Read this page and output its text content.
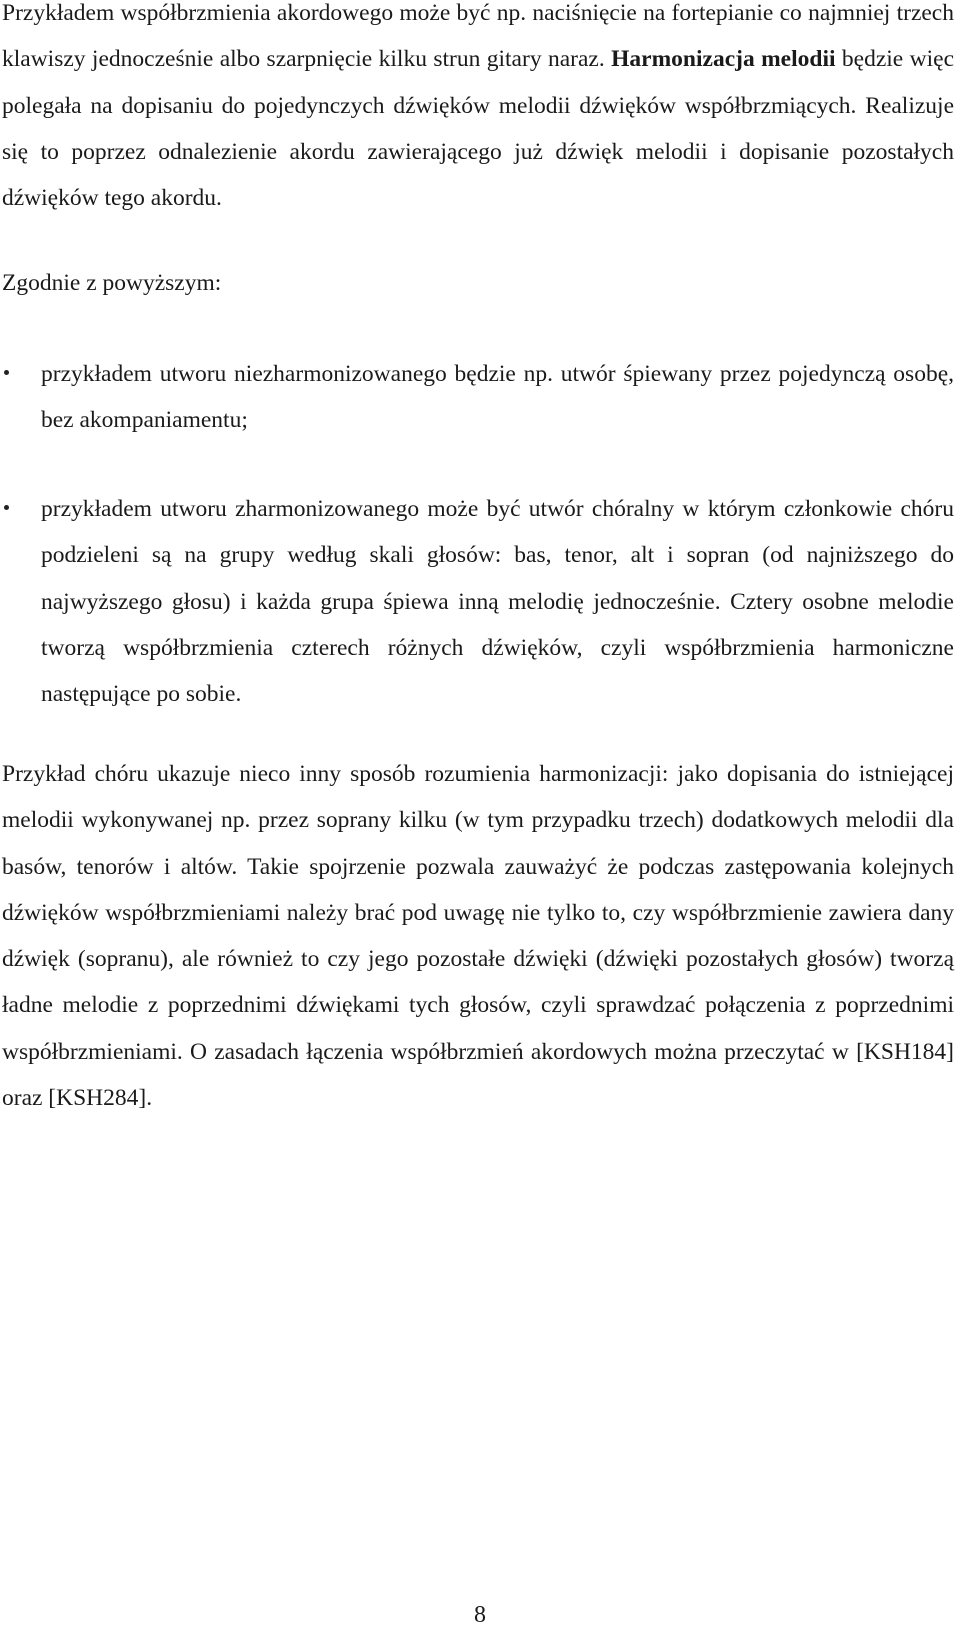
Przykładem współbrzmienia akordowego może być np. naciśnięcie na fortepianie co najmniej trzech klawiszy jednocześnie albo szarpnięcie kilku strun gitary naraz. Harmonizacja melodii będzie więc polegała na dopisaniu do pojedynczych dźwięków melodii dźwięków współbrzmiących. Realizuje się to poprzez odnalezienie akordu zawierającego już dźwięk melodii i dopisanie pozostałych dźwięków tego akordu.

Zgodnie z powyższym:

przykładem utworu niezharmonizowanego będzie np. utwór śpiewany przez pojedynczą osobę, bez akompaniamentu;

przykładem utworu zharmonizowanego może być utwór chóralny w którym członkowie chóru podzieleni są na grupy według skali głosów: bas, tenor, alt i sopran (od najniższego do najwyższego głosu) i każda grupa śpiewa inną melodię jednocześnie. Cztery osobne melodie tworzą współbrzmienia czterech różnych dźwięków, czyli współbrzmienia harmoniczne następujące po sobie.

Przykład chóru ukazuje nieco inny sposób rozumienia harmonizacji: jako dopisania do istniejącej melodii wykonywanej np. przez soprany kilku (w tym przypadku trzech) dodatkowych melodii dla basów, tenorów i altów. Takie spojrzenie pozwala zauważyć że podczas zastępowania kolejnych dźwięków współbrzmieniami należy brać pod uwagę nie tylko to, czy współbrzmienie zawiera dany dźwięk (sopranu), ale również to czy jego pozostałe dźwięki (dźwięki pozostałych głosów) tworzą ładne melodie z poprzednimi dźwiękami tych głosów, czyli sprawdzać połączenia z poprzednimi współbrzmieniami. O zasadach łączenia współbrzmień akordowych można przeczytać w [KSH184] oraz [KSH284].

8
